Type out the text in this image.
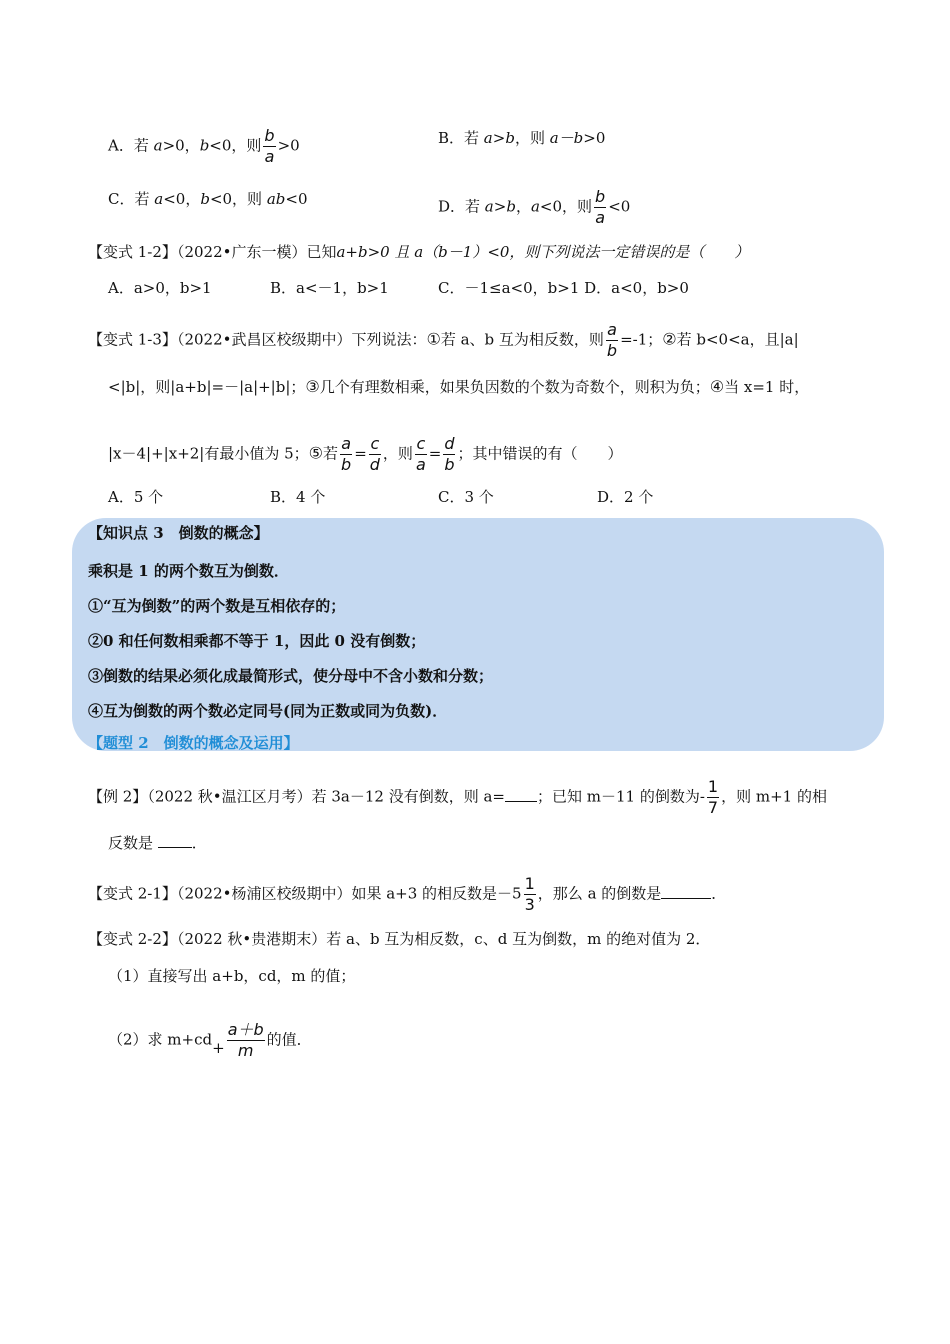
A．若 a>0，b<0，则 $\frac{b}{a} >0$	B．若 a>b，则 a－b>0
C．若 a<0，b<0，则 ab<0	D．若 a>b，a<0，则 $\frac{b}{a} <0$
【变式 1-2】（2022•广东一模）已知a+b>0 且 a（b－1）<0，则下列说法一定错误的是（　　）
A．a>0，b>1	B．a<－1，b>1	C．－1≤a<0，b>1 D．a<0，b>0
【变式 1-3】（2022•武昌区校级期中）下列说法：①若 a、b 互为相反数，则 $\frac{a}{b} =-1$；②若 b<0<a，且|a|
<|b|，则|a+b|=－|a|+|b|；③几个有理数相乘，如果负因数的个数为奇数个，则积为负；④当 x=1 时，
|x－4|+|x+2|有最小值为 5；⑤若 $\frac{a}{b} = \frac{c}{d}$ ，则 $\frac{c}{a} = \frac{d}{b}$ ；其中错误的有（　　）
A．5 个	B．4 个	C．3 个	D．2 个
【知识点 3　倒数的概念】
乘积是 1 的两个数互为倒数．
①“互为倒数”的两个数是互相依存的；
②0 和任何数相乘都不等于 1，因此 0 没有倒数；
③倒数的结果必须化成最简形式，使分母中不含小数和分数；
④互为倒数的两个数必定同号(同为正数或同为负数)．
【题型 2　倒数的概念及运用】
【例 2】（2022 秋•温江区月考）若 3a－12 没有倒数，则 a= ；已知 m－11 的倒数为- $\frac{1}{7}$ ，则 m+1 的相
反数是	．
【变式 2-1】（2022•杨浦区校级期中）如果 a+3 的相反数是$-5 \frac{1}{3}$ ，那么 a 的倒数是	．
【变式 2-2】（2022 秋•贵港期末）若 a、b 互为相反数，c、d 互为倒数，m 的绝对值为 2．
（1）直接写出 a+b，cd，m 的值；
（2）求 $m+cd+ \frac{a+b}{m}$ 的值．
